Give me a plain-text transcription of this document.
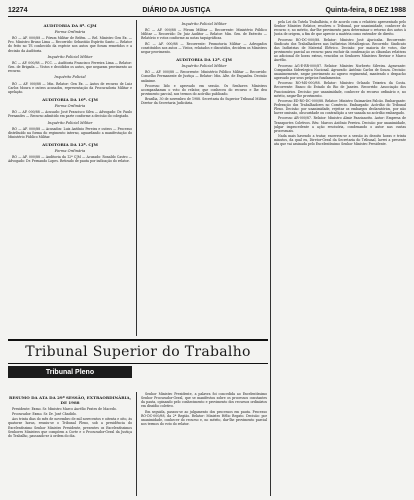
12274	DIÁRIO DA JUSTIÇA	Quinta-feira, 8 DEZ 1988
AUDITORIA DA 8ª. CJM
Forma Ordinária

RO — AF. 000/88 — Fórum Militar de Belém. — Rel. Ministro Gen Ex. — Pro. Ministro Bruno Lima — Recorrido: Sebastião Espírito Santo — Relator do feito no TS conhecido da espécie nos autos que foram remetidos e a decisão da Auditoria.

Inquérito Policial Militar

RC — AF. 000/88 — PCC. — Auditoria Francisco Ferreira Lima — Relator: Gen. de Brigada — Vistos e decididos os autos, que negaram provimento ao recurso.

Inquérito Policial

RO — AF. 000/88 — Min. Relator: Gen Ex. — Autos de recurso de Luiz Carlos Moura e outros acusados, representação da Procuradoria Militar e apelação.

AUDITORIA DA 10ª. CJM
Forma Ordinária

RO — AF. 000/88 — Acusado: José Francisco Silva — Advogado: Dr. Paulo Fernandes — Recurso admitido em parte conforme a decisão do colegiado.

Inquérito Policial Militar

RO — AF. 000/88 — Acusados: Luiz Antônio Pereira e outros — Processo distribuído na forma do regimento interno, aguardando a manifestação do Ministério Público Militar.

AUDITORIA DA 12ª. CJM
Forma Ordinária

RO — AF. 000/88 — Auditoria da 12ª CJM — Acusado: Ronaldo Castro — Advogado: Dr. Fernando Lopes. Retirado de pauta por indicação do relator.

Inquérito Policial Militar

RC — AF. 000/88 — Fórum Militar — Recorrente: Ministério Público Militar — Recorrido: Dr. Juiz Auditor — Relator: Min. Gen. de Exército — Relatório e votos conforme as notas taquigráficas.

RC — AF. 000/88 — Recorrente: Promotoria Militar — Advogados constituídos nos autos — Vistos, relatados e discutidos, decidem os Ministros negar provimento.

AUDITORIA DA 12ª. CJM
Inquérito Policial Militar

RO — AF. 000/88 — Recorrente: Ministério Público Militar — Recorrido: Conselho Permanente de Justiça — Relator: Min. Alte. de Esquadra. Decisão unânime.

Processo lido e aprovado em sessão. Os Senhores Ministros acompanharam o voto do relator, que conheceu do recurso e lhe deu provimento parcial, nos termos do acórdão publicado.

Brasília, 30 de novembro de 1988. Secretaria do Superior Tribunal Militar. Diretor da Secretaria Judiciária.

pela Lei da Tutela Trabalhista, e de acordo com o relatório apresentado pelo Senhor Ministro Relator, resolveu o Tribunal, por unanimidade, conhecer do recurso e, no mérito, dar-lhe provimento para determinar o retorno dos autos à Junta de origem, a fim de que aprecie a matéria como entender de direito.

Processo RO-DC-000/88. Relator: Ministro José Ajuricaba. Recorrente: Sindicato dos Trabalhadores nas Indústrias Metalúrgicas. Recorrido: Sindicato das Indústrias de Material Elétrico. Decisão: por maioria de votos, dar provimento parcial ao recurso para excluir da condenação as cláusulas relativas ao adicional de horas extras, vencidos os Senhores Ministros Revisor e Marco Aurélio.

Processo AG-E-RR-000/87. Relator: Ministro Norberto Silveira. Agravante: Companhia Siderúrgica Nacional. Agravado: Antônio Carlos de Souza. Decisão: unanimemente, negar provimento ao agravo regimental, mantendo o despacho agravado por seus próprios fundamentos.

Processo RO-MS-000/88. Relator: Ministro Orlando Teixeira da Costa. Recorrente: Banco do Estado do Rio de Janeiro. Recorrido: Associação dos Funcionários. Decisão: por unanimidade, conhecer do recurso ordinário e, no mérito, negar-lhe provimento.

Processo ED-RO-DC-000/88. Relator: Ministro Guimarães Falcão. Embargante: Federação dos Trabalhadores no Comércio. Embargado: Acórdão do Tribunal Pleno. Decisão: por unanimidade, rejeitar os embargos declaratórios, por não haver omissão, obscuridade ou contradição a ser sanada no acórdão embargado.

Processo AR-000/87. Relator: Ministro Almir Pazzianotto. Autor: Empresa de Transportes Coletivos. Réu: Marcos Antônio Pereira. Decisão: por unanimidade, julgar improcedente a ação rescisória, condenando o autor nas custas processuais.

Nada mais havendo a tratar, encerrou-se a sessão às dezoito horas e trinta minutos, da qual eu, Diretor-Geral da Secretaria do Tribunal, lavrei a presente ata que vai assinada pelo Excelentíssimo Senhor Ministro Presidente.

Tribunal Superior do Trabalho
Tribunal Pleno
RESUMO DA ATA DA 29ª SESSÃO, EXTRAORDINÁRIA, DE 1988

Presidente: Exmo. Sr. Ministro Marco Aurélio Prates de Macedo.

Procurador: Exmo. Sr. Dr. José Cândido.

Aos trinta dias do mês de novembro de mil novecentos e oitenta e oito, às quatorze horas, reuniu-se o Tribunal Pleno, sob a presidência do Excelentíssimo Senhor Ministro Presidente, presentes os Excelentíssimos Senhores Ministros que compõem a Corte e o Procurador-Geral da Justiça do Trabalho, passando-se à ordem do dia.

Senhor Ministro Presidente, a palavra foi concedida ao Excelentíssimo Senhor Procurador-Geral, que se manifestou sobre os processos constantes da pauta, opinando pelo conhecimento e provimento dos recursos ordinários em dissídio coletivo.

Em seguida, passou-se ao julgamento dos processos em pauta. Processo RO-DC-000/88, da 2ª Região. Relator: Ministro Hélio Regato. Decisão: por unanimidade, conhecer do recurso e, no mérito, dar-lhe provimento parcial nos termos do voto do relator.
